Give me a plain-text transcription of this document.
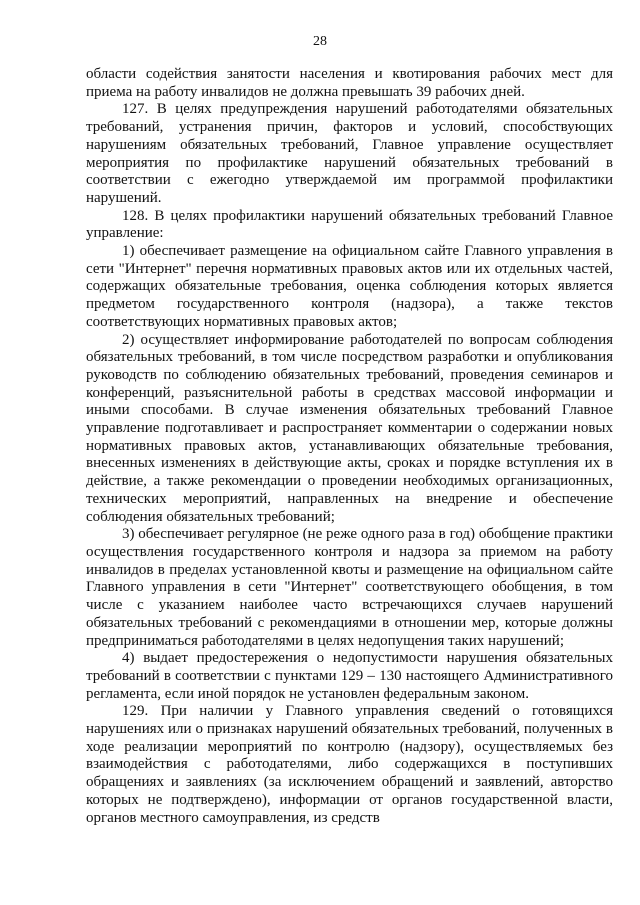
28

области содействия занятости населения и квотирования рабочих мест для приема на работу инвалидов не должна превышать 39 рабочих дней.

127. В целях предупреждения нарушений работодателями обязательных требований, устранения причин, факторов и условий, способствующих нарушениям обязательных требований, Главное управление осуществляет мероприятия по профилактике нарушений обязательных требований в соответствии с ежегодно утверждаемой им программой профилактики нарушений.

128. В целях профилактики нарушений обязательных требований Главное управление:

1) обеспечивает размещение на официальном сайте Главного управления в сети "Интернет" перечня нормативных правовых актов или их отдельных частей, содержащих обязательные требования, оценка соблюдения которых является предметом государственного контроля (надзора), а также текстов соответствующих нормативных правовых актов;

2) осуществляет информирование работодателей по вопросам соблюдения обязательных требований, в том числе посредством разработки и опубликования руководств по соблюдению обязательных требований, проведения семинаров и конференций, разъяснительной работы в средствах массовой информации и иными способами. В случае изменения обязательных требований Главное управление подготавливает и распространяет комментарии о содержании новых нормативных правовых актов, устанавливающих обязательные требования, внесенных изменениях в действующие акты, сроках и порядке вступления их в действие, а также рекомендации о проведении необходимых организационных, технических мероприятий, направленных на внедрение и обеспечение соблюдения обязательных требований;

3) обеспечивает регулярное (не реже одного раза в год) обобщение практики осуществления государственного контроля и надзора за приемом на работу инвалидов в пределах установленной квоты и размещение на официальном сайте Главного управления в сети "Интернет" соответствующего обобщения, в том числе с указанием наиболее часто встречающихся случаев нарушений обязательных требований с рекомендациями в отношении мер, которые должны предприниматься работодателями в целях недопущения таких нарушений;

4) выдает предостережения о недопустимости нарушения обязательных требований в соответствии с пунктами 129 – 130 настоящего Административного регламента, если иной порядок не установлен федеральным законом.

129. При наличии у Главного управления сведений о готовящихся нарушениях или о признаках нарушений обязательных требований, полученных в ходе реализации мероприятий по контролю (надзору), осуществляемых без взаимодействия с работодателями, либо содержащихся в поступивших обращениях и заявлениях (за исключением обращений и заявлений, авторство которых не подтверждено), информации от органов государственной власти, органов местного самоуправления, из средств
